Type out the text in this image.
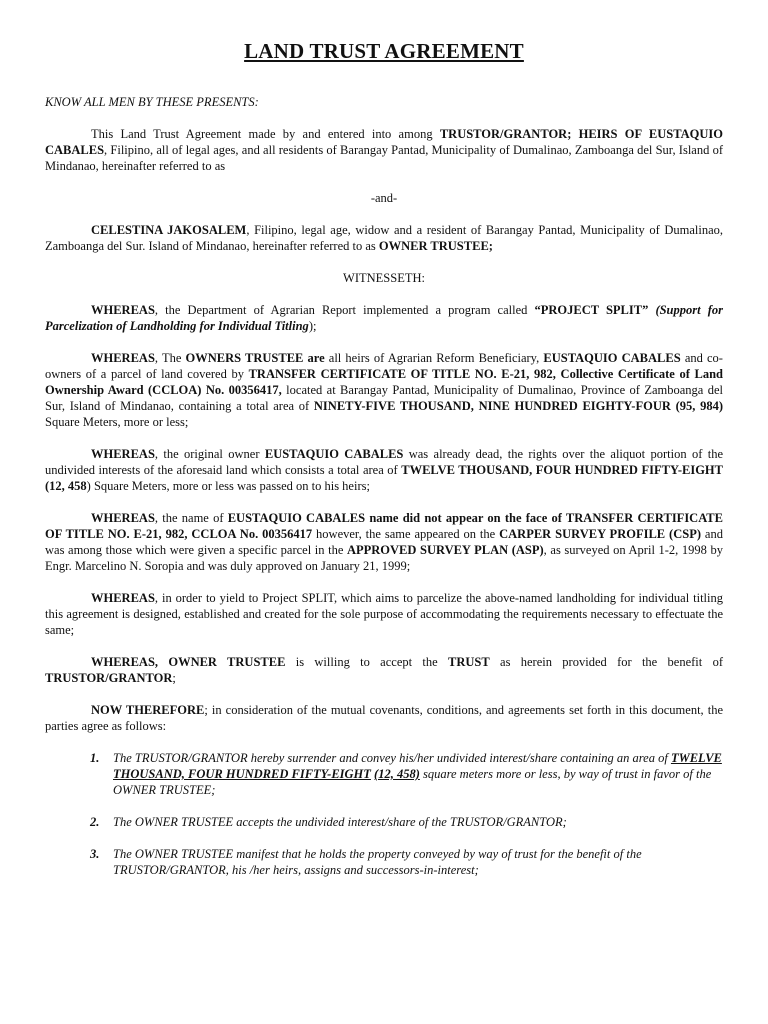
LAND TRUST AGREEMENT

KNOW ALL MEN BY THESE PRESENTS:

This Land Trust Agreement made by and entered into among TRUSTOR/GRANTOR; HEIRS OF EUSTAQUIO CABALES, Filipino, all of legal ages, and all residents of Barangay Pantad, Municipality of Dumalinao, Zamboanga del Sur, Island of Mindanao, hereinafter referred to as

-and-

CELESTINA JAKOSALEM, Filipino, legal age, widow and a resident of Barangay Pantad, Municipality of Dumalinao, Zamboanga del Sur. Island of Mindanao, hereinafter referred to as OWNER TRUSTEE;

WITNESSETH:

WHEREAS, the Department of Agrarian Report implemented a program called “PROJECT SPLIT” (Support for Parcelization of Landholding for Individual Titling);

WHEREAS, The OWNERS TRUSTEE are all heirs of Agrarian Reform Beneficiary, EUSTAQUIO CABALES and co-owners of a parcel of land covered by TRANSFER CERTIFICATE OF TITLE NO. E-21, 982, Collective Certificate of Land Ownership Award (CCLOA) No. 00356417, located at Barangay Pantad, Municipality of Dumalinao, Province of Zamboanga del Sur, Island of Mindanao, containing a total area of NINETY-FIVE THOUSAND, NINE HUNDRED EIGHTY-FOUR (95, 984) Square Meters, more or less;

WHEREAS, the original owner EUSTAQUIO CABALES was already dead, the rights over the aliquot portion of the undivided interests of the aforesaid land which consists a total area of TWELVE THOUSAND, FOUR HUNDRED FIFTY-EIGHT (12, 458) Square Meters, more or less was passed on to his heirs;

WHEREAS, the name of EUSTAQUIO CABALES name did not appear on the face of TRANSFER CERTIFICATE OF TITLE NO. E-21, 982, CCLOA No. 00356417 however, the same appeared on the CARPER SURVEY PROFILE (CSP) and was among those which were given a specific parcel in the APPROVED SURVEY PLAN (ASP), as surveyed on April 1-2, 1998 by Engr. Marcelino N. Soropia and was duly approved on January 21, 1999;

WHEREAS, in order to yield to Project SPLIT, which aims to parcelize the above-named landholding for individual titling this agreement is designed, established and created for the sole purpose of accommodating the requirements necessary to effectuate the same;

WHEREAS, OWNER TRUSTEE is willing to accept the TRUST as herein provided for the benefit of TRUSTOR/GRANTOR;

NOW THEREFORE; in consideration of the mutual covenants, conditions, and agreements set forth in this document, the parties agree as follows:

1. The TRUSTOR/GRANTOR hereby surrender and convey his/her undivided interest/share containing an area of TWELVE THOUSAND, FOUR HUNDRED FIFTY-EIGHT (12, 458) square meters more or less, by way of trust in favor of the OWNER TRUSTEE;
2. The OWNER TRUSTEE accepts the undivided interest/share of the TRUSTOR/GRANTOR;
3. The OWNER TRUSTEE manifest that he holds the property conveyed by way of trust for the benefit of the TRUSTOR/GRANTOR, his /her heirs, assigns and successors-in-interest;
